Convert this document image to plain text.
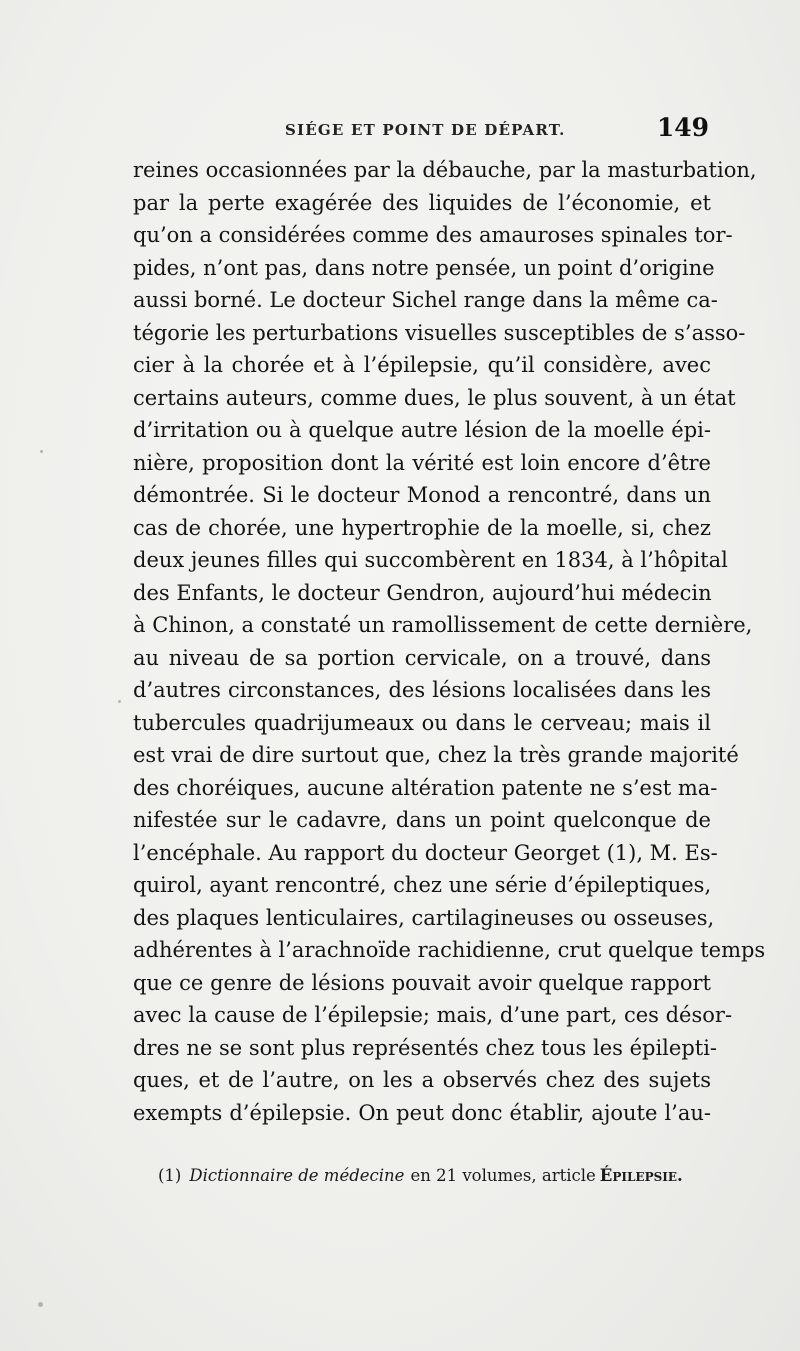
SIÉGE ET POINT DE DÉPART.	149
reines occasionnées par la débauche, par la masturbation,
par la perte exagérée des liquides de l’économie, et
qu’on a considérées comme des amauroses spinales tor-
pides, n’ont pas, dans notre pensée, un point d’origine
aussi borné. Le docteur Sichel range dans la même ca-
tégorie les perturbations visuelles susceptibles de s’asso-
cier à la chorée et à l’épilepsie, qu’il considère, avec
certains auteurs, comme dues, le plus souvent, à un état
d’irritation ou à quelque autre lésion de la moelle épi-
nière, proposition dont la vérité est loin encore d’être
démontrée. Si le docteur Monod a rencontré, dans un
cas de chorée, une hypertrophie de la moelle, si, chez
deux jeunes filles qui succombèrent en 1834, à l’hôpital
des Enfants, le docteur Gendron, aujourd’hui médecin
à Chinon, a constaté un ramollissement de cette dernière,
au niveau de sa portion cervicale, on a trouvé, dans
d’autres circonstances, des lésions localisées dans les
tubercules quadrijumeaux ou dans le cerveau; mais il
est vrai de dire surtout que, chez la très grande majorité
des choréiques, aucune altération patente ne s’est ma-
nifestée sur le cadavre, dans un point quelconque de
l’encéphale. Au rapport du docteur Georget (1), M. Es-
quirol, ayant rencontré, chez une série d’épileptiques,
des plaques lenticulaires, cartilagineuses ou osseuses,
adhérentes à l’arachnoïde rachidienne, crut quelque temps
que ce genre de lésions pouvait avoir quelque rapport
avec la cause de l’épilepsie; mais, d’une part, ces désor-
dres ne se sont plus représentés chez tous les épilepti-
ques, et de l’autre, on les a observés chez des sujets
exempts d’épilepsie. On peut donc établir, ajoute l’au-
(1) Dictionnaire de médecine en 21 volumes, article Épilepsie.
